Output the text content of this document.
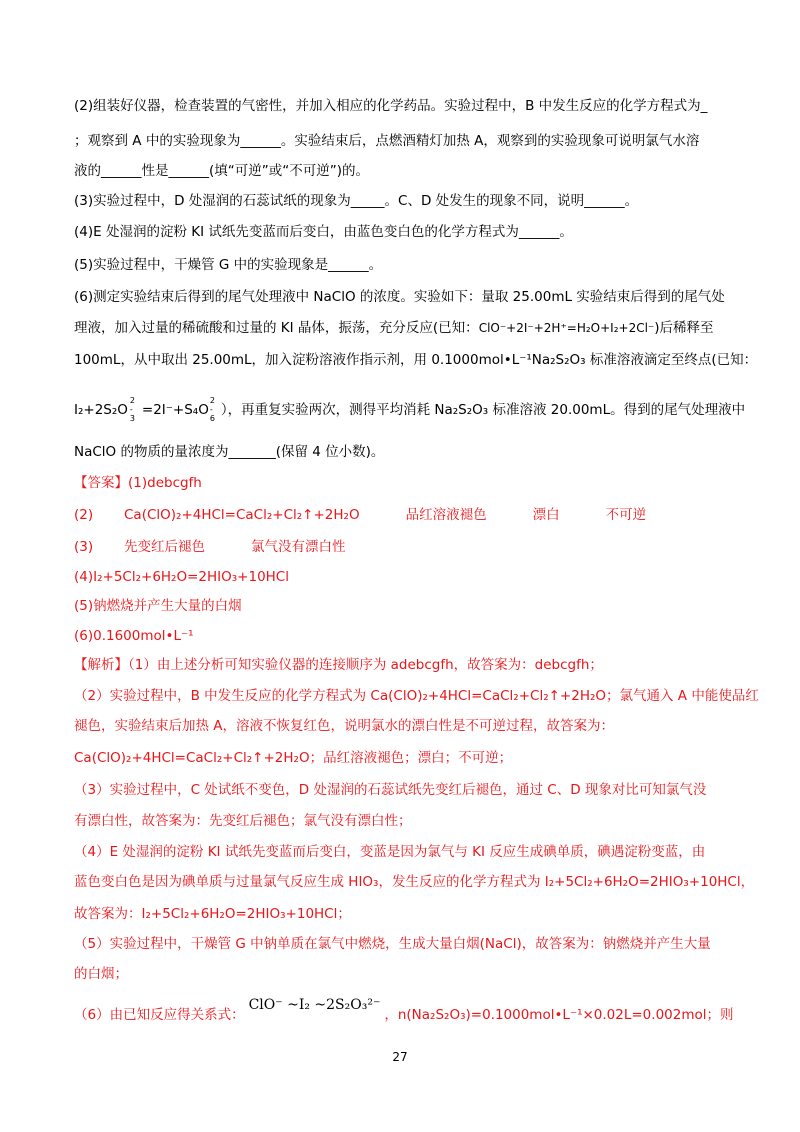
(2)组装好仪器，检查装置的气密性，并加入相应的化学药品。实验过程中，B 中发生反应的化学方程式为_
；观察到 A 中的实验现象为______。实验结束后，点燃酒精灯加热 A，观察到的实验现象可说明氯气水溶
液的______性是______(填“可逆”或“不可逆”)的。
(3)实验过程中，D 处湿润的石蕊试纸的现象为_____。C、D 处发生的现象不同，说明______。
(4)E 处湿润的淀粉 KI 试纸先变蓝而后变白，由蓝色变白色的化学方程式为______。
(5)实验过程中，干燥管 G 中的实验现象是______。
(6)测定实验结束后得到的尾气处理液中 NaClO 的浓度。实验如下：量取 25.00mL 实验结束后得到的尾气处
理液，加入过量的稀硫酸和过量的 KI 晶体，振荡，充分反应(已知：ClO⁻+2I⁻+2H⁺=H₂O+I₂+2Cl⁻)后稀释至
100mL，从中取出 25.00mL，加入淀粉溶液作指示剂，用 0.1000mol•L⁻¹Na₂S₂O₃ 标准溶液滴定至终点(已知：
I₂+2S₂O
2
-
3
=2I⁻+S₄O
2
-
6
），再重复实验两次，测得平均消耗 Na₂S₂O₃ 标准溶液 20.00mL。得到的尾气处理液中
NaClO 的物质的量浓度为_______(保留 4 位小数)。
【答案】(1)debcgfh
(2) Ca(ClO)₂+4HCl=CaCl₂+Cl₂↑+2H₂O	品红溶液褪色	漂白	不可逆
(3) 先变红后褪色	氯气没有漂白性
(4)I₂+5Cl₂+6H₂O=2HIO₃+10HCl
(5)钠燃烧并产生大量的白烟
(6)0.1600mol•L⁻¹
【解析】（1）由上述分析可知实验仪器的连接顺序为 adebcgfh，故答案为：debcgfh；
（2）实验过程中，B 中发生反应的化学方程式为 Ca(ClO)₂+4HCl=CaCl₂+Cl₂↑+2H₂O；氯气通入 A 中能使品红
褪色，实验结束后加热 A，溶液不恢复红色，说明氯水的漂白性是不可逆过程，故答案为：
Ca(ClO)₂+4HCl=CaCl₂+Cl₂↑+2H₂O；品红溶液褪色；漂白；不可逆；
（3）实验过程中，C 处试纸不变色，D 处湿润的石蕊试纸先变红后褪色，通过 C、D 现象对比可知氯气没
有漂白性，故答案为：先变红后褪色；氯气没有漂白性；
（4）E 处湿润的淀粉 KI 试纸先变蓝而后变白，变蓝是因为氯气与 KI 反应生成碘单质，碘遇淀粉变蓝，由
蓝色变白色是因为碘单质与过量氯气反应生成 HIO₃，发生反应的化学方程式为 I₂+5Cl₂+6H₂O=2HIO₃+10HCl，
故答案为：I₂+5Cl₂+6H₂O=2HIO₃+10HCl；
（5）实验过程中，干燥管 G 中钠单质在氯气中燃烧，生成大量白烟(NaCl)，故答案为：钠燃烧并产生大量
的白烟；
（6）由已知反应得关系式：ClO⁻ ~I₂ ~2S₂O₃²⁻，n(Na₂S₂O₃)=0.1000mol•L⁻¹×0.02L=0.002mol；则
27
